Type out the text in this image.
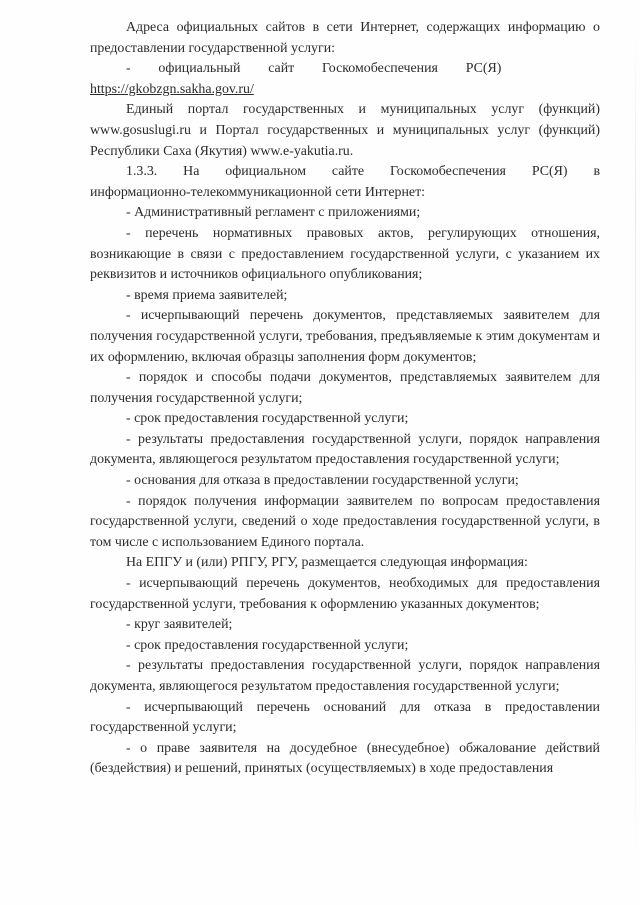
Адреса официальных сайтов в сети Интернет, содержащих информацию о предоставлении государственной услуги:

-        официальный        сайт        Госкомобеспечения        РС(Я)

https://gkobzgn.sakha.gov.ru/

Единый портал государственных и муниципальных услуг (функций) www.gosuslugi.ru и Портал государственных и муниципальных услуг (функций) Республики Саха (Якутия) www.e-yakutia.ru.

1.3.3.   На   официальном   сайте   Госкомобеспечения   РС(Я)   в информационно-телекоммуникационной сети Интернет:

- Административный регламент с приложениями;

- перечень нормативных правовых актов, регулирующих отношения, возникающие в связи с предоставлением государственной услуги, с указанием их реквизитов и источников официального опубликования;

- время приема заявителей;

- исчерпывающий перечень документов, представляемых заявителем для получения государственной услуги, требования, предъявляемые к этим документам и их оформлению, включая образцы заполнения форм документов;

- порядок и способы подачи документов, представляемых заявителем для получения государственной услуги;

- срок предоставления государственной услуги;

- результаты предоставления государственной услуги, порядок направления документа, являющегося результатом предоставления государственной услуги;

- основания для отказа в предоставлении государственной услуги;

- порядок получения информации заявителем по вопросам предоставления государственной услуги, сведений о ходе предоставления государственной услуги, в том числе с использованием Единого портала.

На ЕПГУ и (или) РПГУ, РГУ, размещается следующая информация:

- исчерпывающий перечень документов, необходимых для предоставления государственной услуги, требования к оформлению указанных документов;

- круг заявителей;

- срок предоставления государственной услуги;

- результаты предоставления государственной услуги, порядок направления документа, являющегося результатом предоставления государственной услуги;

- исчерпывающий перечень оснований для отказа в предоставлении государственной услуги;

- о праве заявителя на досудебное (внесудебное) обжалование действий (бездействия) и решений, принятых (осуществляемых) в ходе предоставления
